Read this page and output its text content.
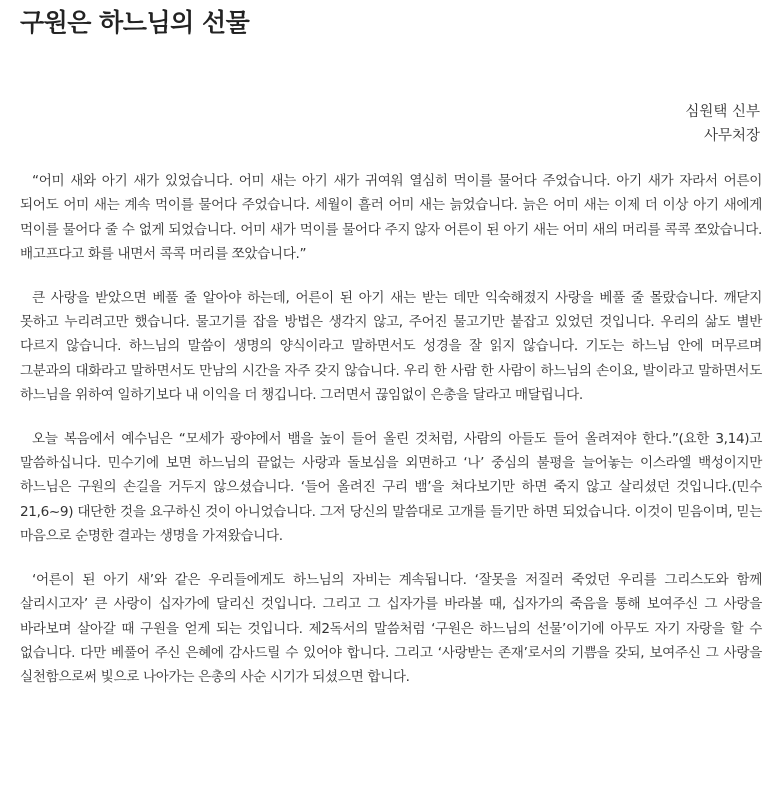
구원은 하느님의 선물
심원택 신부
사무처장

“어미 새와 아기 새가 있었습니다. 어미 새는 아기 새가 귀여워 열심히 먹이를 물어다 주었습니다. 아기 새가 자라서 어른이 되어도 어미 새는 계속 먹이를 물어다 주었습니다. 세월이 흘러 어미 새는 늙었습니다. 늙은 어미 새는 이제 더 이상 아기 새에게 먹이를 물어다 줄 수 없게 되었습니다. 어미 새가 먹이를 물어다 주지 않자 어른이 된 아기 새는 어미 새의 머리를 콕콕 쪼았습니다. 배고프다고 화를 내면서 콕콕 머리를 쪼았습니다.”

큰 사랑을 받았으면 베풀 줄 알아야 하는데, 어른이 된 아기 새는 받는 데만 익숙해졌지 사랑을 베풀 줄 몰랐습니다. 깨닫지 못하고 누리려고만 했습니다. 물고기를 잡을 방법은 생각지 않고, 주어진 물고기만 붙잡고 있었던 것입니다. 우리의 삶도 별반 다르지 않습니다. 하느님의 말씀이 생명의 양식이라고 말하면서도 성경을 잘 읽지 않습니다. 기도는 하느님 안에 머무르며 그분과의 대화라고 말하면서도 만남의 시간을 자주 갖지 않습니다. 우리 한 사람 한 사람이 하느님의 손이요, 발이라고 말하면서도 하느님을 위하여 일하기보다 내 이익을 더 챙깁니다. 그러면서 끊임없이 은총을 달라고 매달립니다.

오늘 복음에서 예수님은 “모세가 광야에서 뱀을 높이 들어 올린 것처럼, 사람의 아들도 들어 올려져야 한다.”(요한 3,14)고 말씀하십니다. 민수기에 보면 하느님의 끝없는 사랑과 돌보심을 외면하고 ‘나’ 중심의 불평을 늘어놓는 이스라엘 백성이지만 하느님은 구원의 손길을 거두지 않으셨습니다. ‘들어 올려진 구리 뱀’을 쳐다보기만 하면 죽지 않고 살리셨던 것입니다.(민수 21,6~9) 대단한 것을 요구하신 것이 아니었습니다. 그저 당신의 말씀대로 고개를 들기만 하면 되었습니다. 이것이 믿음이며, 믿는 마음으로 순명한 결과는 생명을 가져왔습니다.

‘어른이 된 아기 새’와 같은 우리들에게도 하느님의 자비는 계속됩니다. ‘잘못을 저질러 죽었던 우리를 그리스도와 함께 살리시고자’ 큰 사랑이 십자가에 달리신 것입니다. 그리고 그 십자가를 바라볼 때, 십자가의 죽음을 통해 보여주신 그 사랑을 바라보며 살아갈 때 구원을 얻게 되는 것입니다. 제2독서의 말씀처럼 ‘구원은 하느님의 선물’이기에 아무도 자기 자랑을 할 수 없습니다. 다만 베풀어 주신 은혜에 감사드릴 수 있어야 합니다. 그리고 ‘사랑받는 존재’로서의 기쁨을 갖되, 보여주신 그 사랑을 실천함으로써 빛으로 나아가는 은총의 사순 시기가 되셨으면 합니다.
